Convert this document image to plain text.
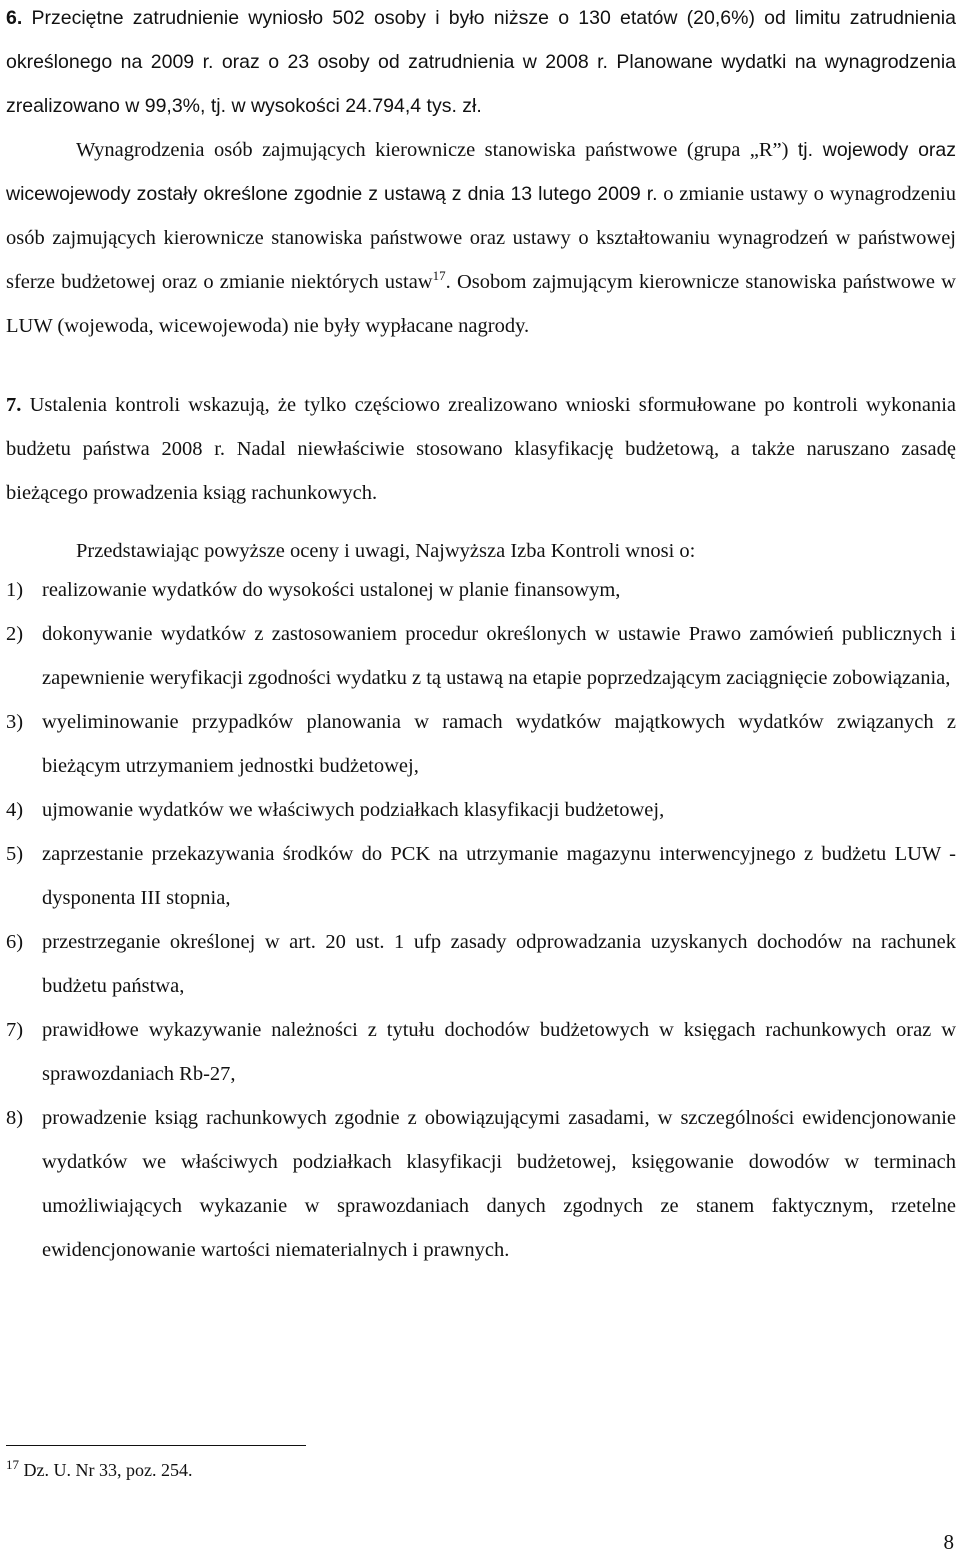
6. Przeciętne zatrudnienie wyniosło 502 osoby i było niższe o 130 etatów (20,6%) od limitu zatrudnienia określonego na 2009 r. oraz o 23 osoby od zatrudnienia w 2008 r. Planowane wydatki na wynagrodzenia zrealizowano w 99,3%, tj. w wysokości 24.794,4 tys. zł.
Wynagrodzenia osób zajmujących kierownicze stanowiska państwowe (grupa „R”) tj. wojewody oraz wicewojewody zostały określone zgodnie z ustawą z dnia 13 lutego 2009 r. o zmianie ustawy o wynagrodzeniu osób zajmujących kierownicze stanowiska państwowe oraz ustawy o kształtowaniu wynagrodzeń w państwowej sferze budżetowej oraz o zmianie niektórych ustaw$^{17}$. Osobom zajmującym kierownicze stanowiska państwowe w LUW (wojewoda, wicewojewoda) nie były wypłacane nagrody.

7. Ustalenia kontroli wskazują, że tylko częściowo zrealizowano wnioski sformułowane po kontroli wykonania budżetu państwa 2008 r. Nadal niewłaściwie stosowano klasyfikację budżetową, a także naruszano zasadę bieżącego prowadzenia ksiąg rachunkowych.

Przedstawiając powyższe oceny i uwagi, Najwyższa Izba Kontroli wnosi o:

1) realizowanie wydatków do wysokości ustalonej w planie finansowym,
2) dokonywanie wydatków z zastosowaniem procedur określonych w ustawie Prawo zamówień publicznych i zapewnienie weryfikacji zgodności wydatku z tą ustawą na etapie poprzedzającym zaciągnięcie zobowiązania,
3) wyeliminowanie przypadków planowania w ramach wydatków majątkowych wydatków związanych z bieżącym utrzymaniem jednostki budżetowej,
4) ujmowanie wydatków we właściwych podziałkach klasyfikacji budżetowej,
5) zaprzestanie przekazywania środków do PCK na utrzymanie magazynu interwencyjnego z budżetu LUW - dysponenta III stopnia,
6) przestrzeganie określonej w art. 20 ust. 1 ufp zasady odprowadzania uzyskanych dochodów na rachunek budżetu państwa,
7) prawidłowe wykazywanie należności z tytułu dochodów budżetowych w księgach rachunkowych oraz w sprawozdaniach Rb-27,
8) prowadzenie ksiąg rachunkowych zgodnie z obowiązującymi zasadami, w szczególności ewidencjonowanie wydatków we właściwych podziałkach klasyfikacji budżetowej, księgowanie dowodów w terminach umożliwiających wykazanie w sprawozdaniach danych zgodnych ze stanem faktycznym, rzetelne ewidencjonowanie wartości niematerialnych i prawnych.

$^{17}$ Dz. U. Nr 33, poz. 254.

8
